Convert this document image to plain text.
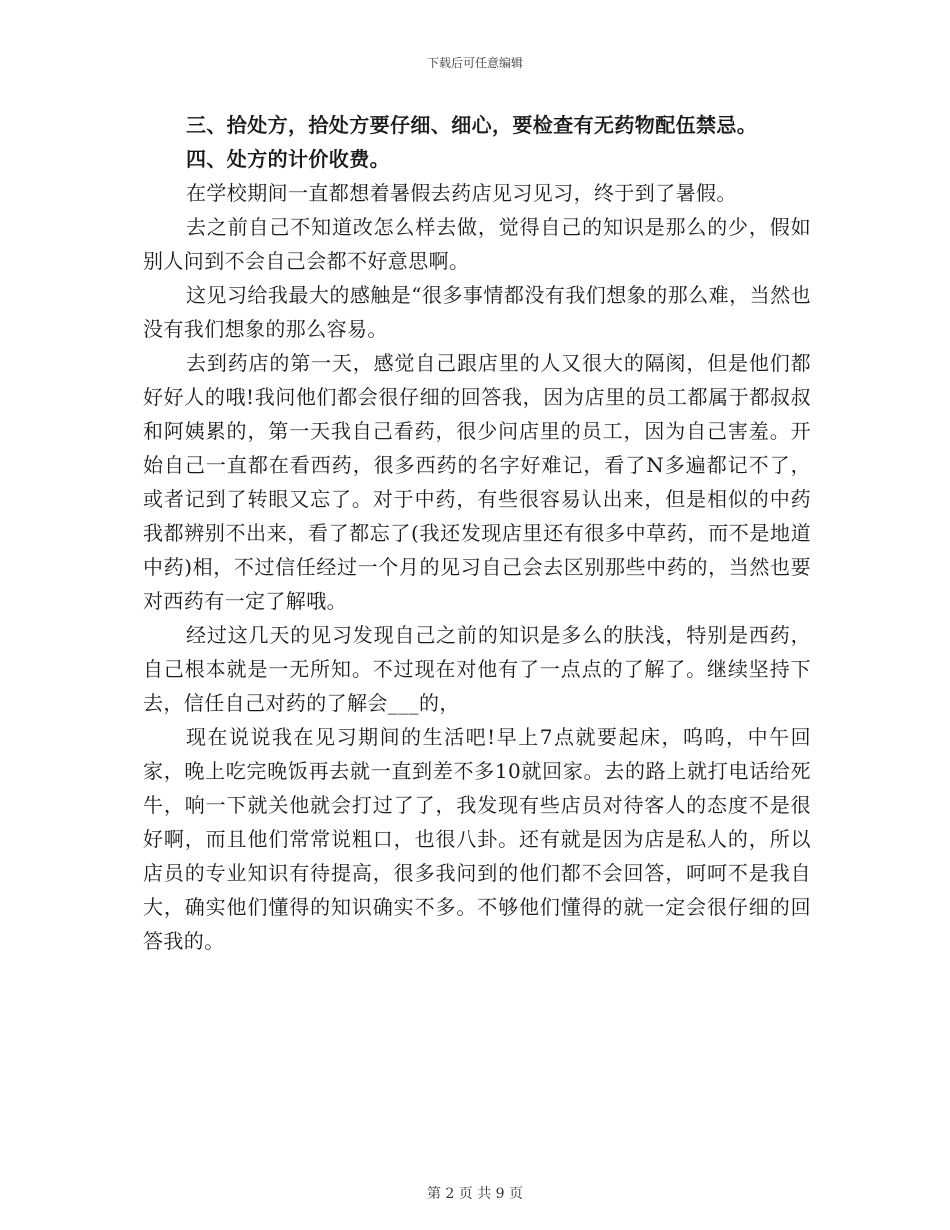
下载后可任意编辑

三、拾处方，拾处方要仔细、细心，要检查有无药物配伍禁忌。

四、处方的计价收费。

在学校期间一直都想着暑假去药店见习见习，终于到了暑假。

去之前自己不知道改怎么样去做，觉得自己的知识是那么的少，假如别人问到不会自己会都不好意思啊。

这见习给我最大的感触是“很多事情都没有我们想象的那么难，当然也没有我们想象的那么容易。

去到药店的第一天，感觉自己跟店里的人又很大的隔阂，但是他们都好好人的哦!我问他们都会很仔细的回答我，因为店里的员工都属于都叔叔和阿姨累的，第一天我自己看药，很少问店里的员工，因为自己害羞。开始自己一直都在看西药，很多西药的名字好难记，看了N多遍都记不了，或者记到了转眼又忘了。对于中药，有些很容易认出来，但是相似的中药我都辨别不出来，看了都忘了(我还发现店里还有很多中草药，而不是地道中药)相，不过信任经过一个月的见习自己会去区别那些中药的，当然也要对西药有一定了解哦。

经过这几天的见习发现自己之前的知识是多么的肤浅，特别是西药，自己根本就是一无所知。不过现在对他有了一点点的了解了。继续坚持下去，信任自己对药的了解会___的，

现在说说我在见习期间的生活吧!早上7点就要起床，呜呜，中午回家，晚上吃完晚饭再去就一直到差不多10就回家。去的路上就打电话给死牛，响一下就关他就会打过了了，我发现有些店员对待客人的态度不是很好啊，而且他们常常说粗口，也很八卦。还有就是因为店是私人的，所以店员的专业知识有待提高，很多我问到的他们都不会回答，呵呵不是我自大，确实他们懂得的知识确实不多。不够他们懂得的就一定会很仔细的回答我的。

第 2 页 共 9 页
